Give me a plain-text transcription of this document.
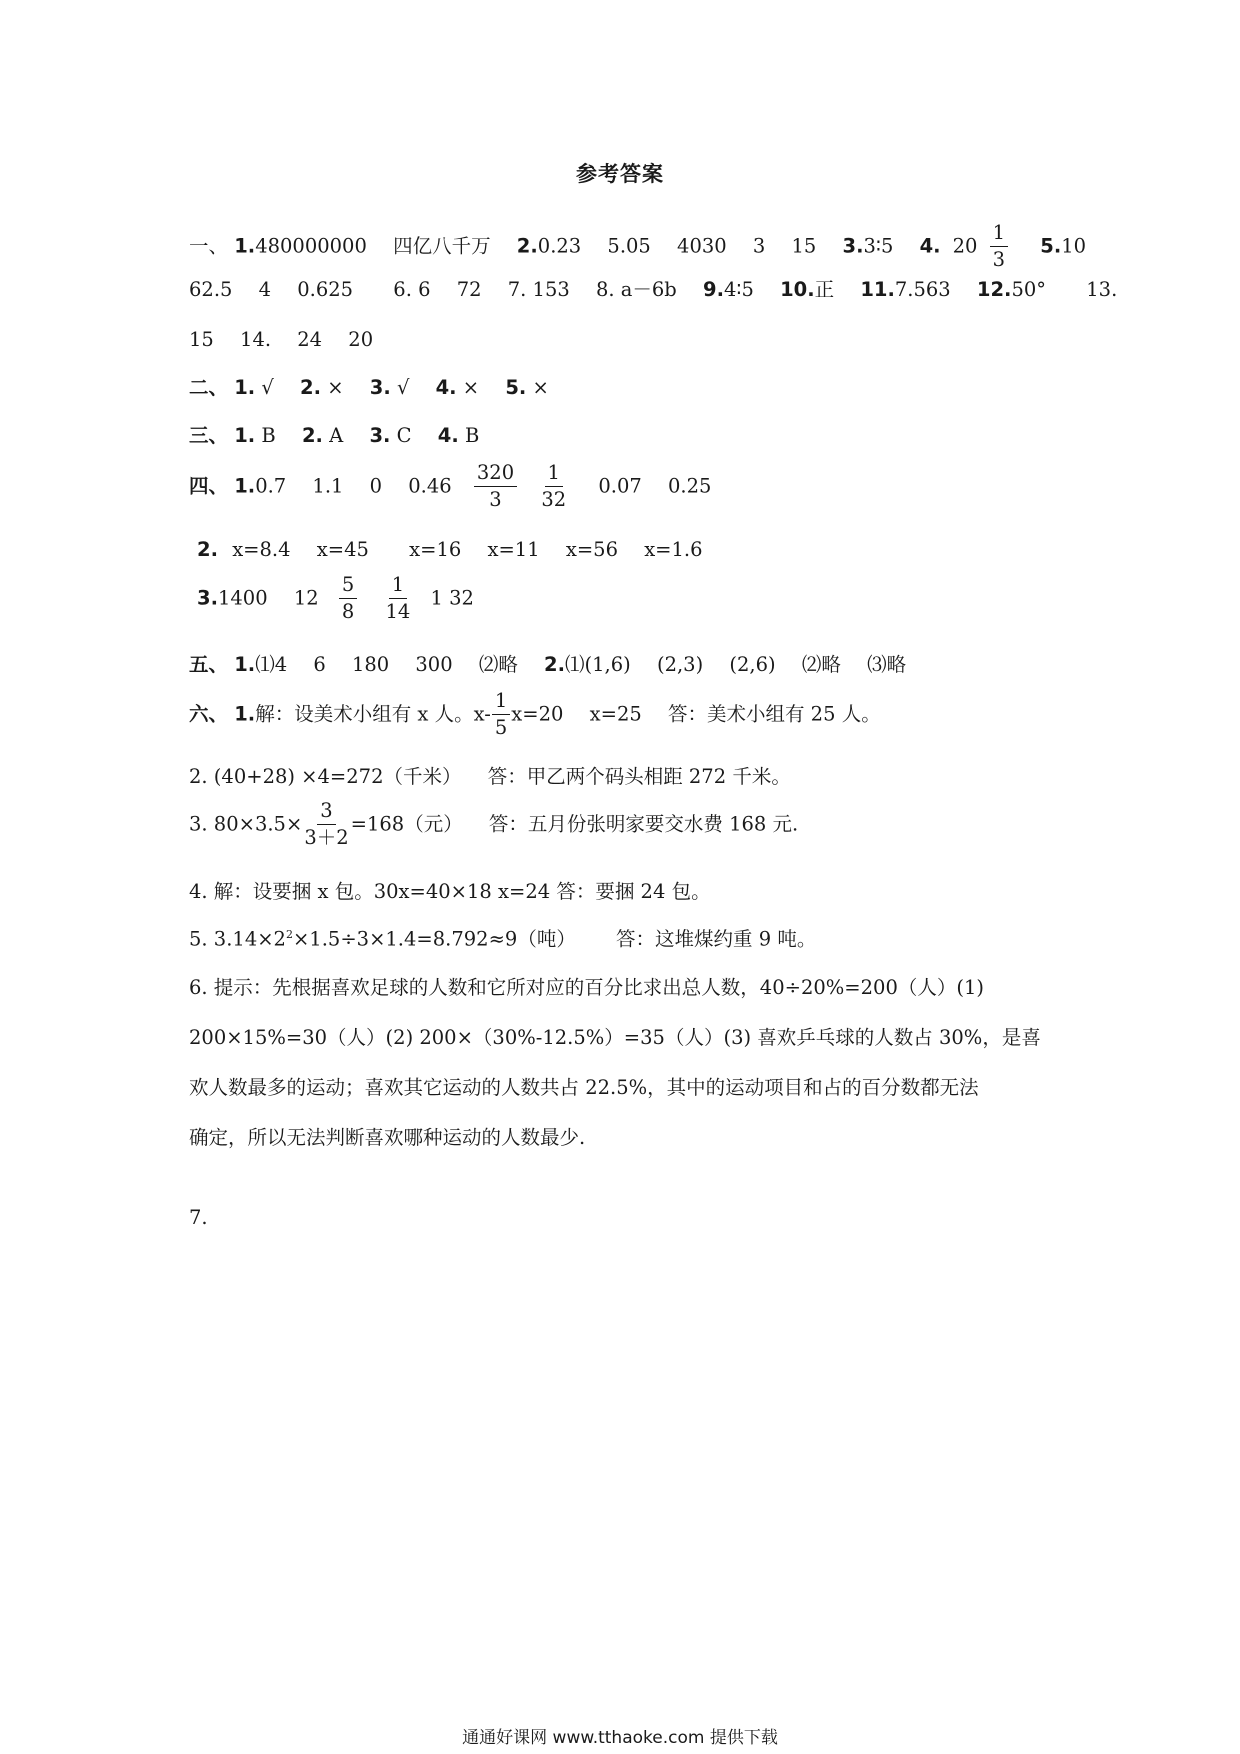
参考答案
一、 1.480000000 四亿八千万 2.0.23 5.05 4030 3 15 3.3∶5 4. $20 \frac{1}{3} 5.10$
62.5 4 0.625 6. 6 72 7. 153 8. a－6b 9.4∶5 10.正 11.7.563 12.50° 13.
15 14. 24 20
二、 1. √ 2. × 3. √ 4. × 5. ×
三、 1. B 2. A 3. C 4. B
四、 1.0.7 1.1 0 $0.46 \frac{320}{3}$
$\frac{1}{32} 0.07$ 0.25
2. x=8.4 x=45 x=16 x=11 x=56 x=1.6
3.1400 $12 \frac{5}{8}$
$\frac{1}{14} 1$ 32
五、 1.⑴4 6 180 300 ⑵略 2.⑴(1,6) (2,3) (2,6) ⑵略 ⑶略
六、 1.解：设美术小组有 x 人。$x- \frac{1}{5} x=20$ x=25 答：美术小组有 25 人。
2. (40+28) ×4=272（千米） 答：甲乙两个码头相距 272 千米。
3. $80\times 3.5\times \frac{3}{3+2} =168$（元） 答：五月份张明家要交水费 168 元.
4. 解：设要捆 x 包。30x=40×18 x=24 答：要捆 24 包。
5. $3.14\times 2^2\times 1.5\div 3\times 1.4=8.792\approx 9$（吨） 答：这堆煤约重 9 吨。
6. 提示：先根据喜欢足球的人数和它所对应的百分比求出总人数，40÷20%=200（人）(1)
200×15%=30（人）(2) 200×（30%-12.5%）=35（人）(3) 喜欢乒乓球的人数占 30%，是喜
欢人数最多的运动；喜欢其它运动的人数共占 22.5%，其中的运动项目和占的百分数都无法
确定，所以无法判断喜欢哪种运动的人数最少.
7.
通通好课网 www.tthaoke.com 提供下载
